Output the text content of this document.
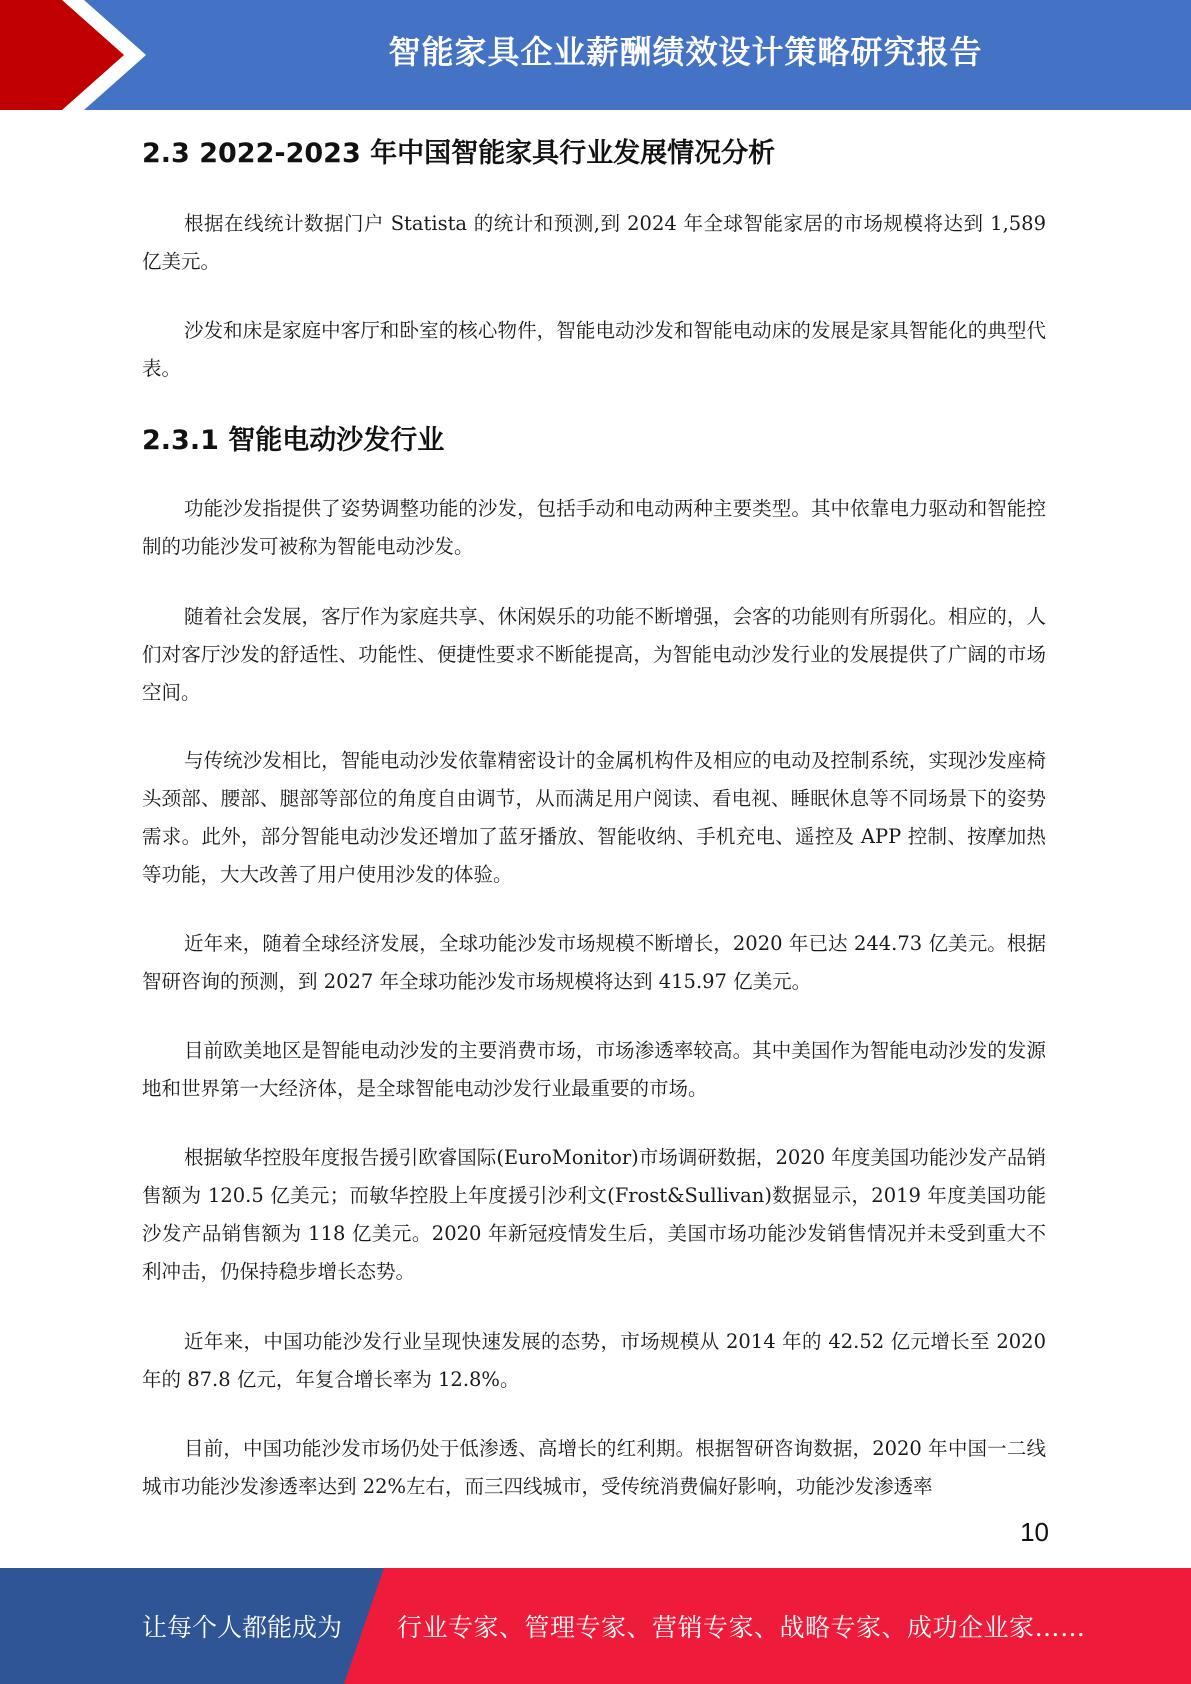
智能家具企业薪酬绩效设计策略研究报告
2.3 2022-2023 年中国智能家具行业发展情况分析

根据在线统计数据门户 Statista 的统计和预测,到 2024 年全球智能家居的市场规模将达到 1,589 亿美元。

沙发和床是家庭中客厅和卧室的核心物件，智能电动沙发和智能电动床的发展是家具智能化的典型代表。

2.3.1 智能电动沙发行业

功能沙发指提供了姿势调整功能的沙发，包括手动和电动两种主要类型。其中依靠电力驱动和智能控制的功能沙发可被称为智能电动沙发。

随着社会发展，客厅作为家庭共享、休闲娱乐的功能不断增强，会客的功能则有所弱化。相应的，人们对客厅沙发的舒适性、功能性、便捷性要求不断能提高，为智能电动沙发行业的发展提供了广阔的市场空间。

与传统沙发相比，智能电动沙发依靠精密设计的金属机构件及相应的电动及控制系统，实现沙发座椅头颈部、腰部、腿部等部位的角度自由调节，从而满足用户阅读、看电视、睡眠休息等不同场景下的姿势需求。此外，部分智能电动沙发还增加了蓝牙播放、智能收纳、手机充电、遥控及 APP 控制、按摩加热等功能，大大改善了用户使用沙发的体验。

近年来，随着全球经济发展，全球功能沙发市场规模不断增长，2020 年已达 244.73 亿美元。根据智研咨询的预测，到 2027 年全球功能沙发市场规模将达到 415.97 亿美元。

目前欧美地区是智能电动沙发的主要消费市场，市场渗透率较高。其中美国作为智能电动沙发的发源地和世界第一大经济体，是全球智能电动沙发行业最重要的市场。

根据敏华控股年度报告援引欧睿国际(EuroMonitor)市场调研数据，2020 年度美国功能沙发产品销售额为 120.5 亿美元；而敏华控股上年度援引沙利文(Frost&Sullivan)数据显示，2019 年度美国功能沙发产品销售额为 118 亿美元。2020 年新冠疫情发生后，美国市场功能沙发销售情况并未受到重大不利冲击，仍保持稳步增长态势。

近年来，中国功能沙发行业呈现快速发展的态势，市场规模从 2014 年的 42.52 亿元增长至 2020 年的 87.8 亿元，年复合增长率为 12.8%。

目前，中国功能沙发市场仍处于低渗透、高增长的红利期。根据智研咨询数据，2020 年中国一二线城市功能沙发渗透率达到 22%左右，而三四线城市，受传统消费偏好影响，功能沙发渗透率

10
让每个人都能成为 行业专家、管理专家、营销专家、战略专家、成功企业家……
